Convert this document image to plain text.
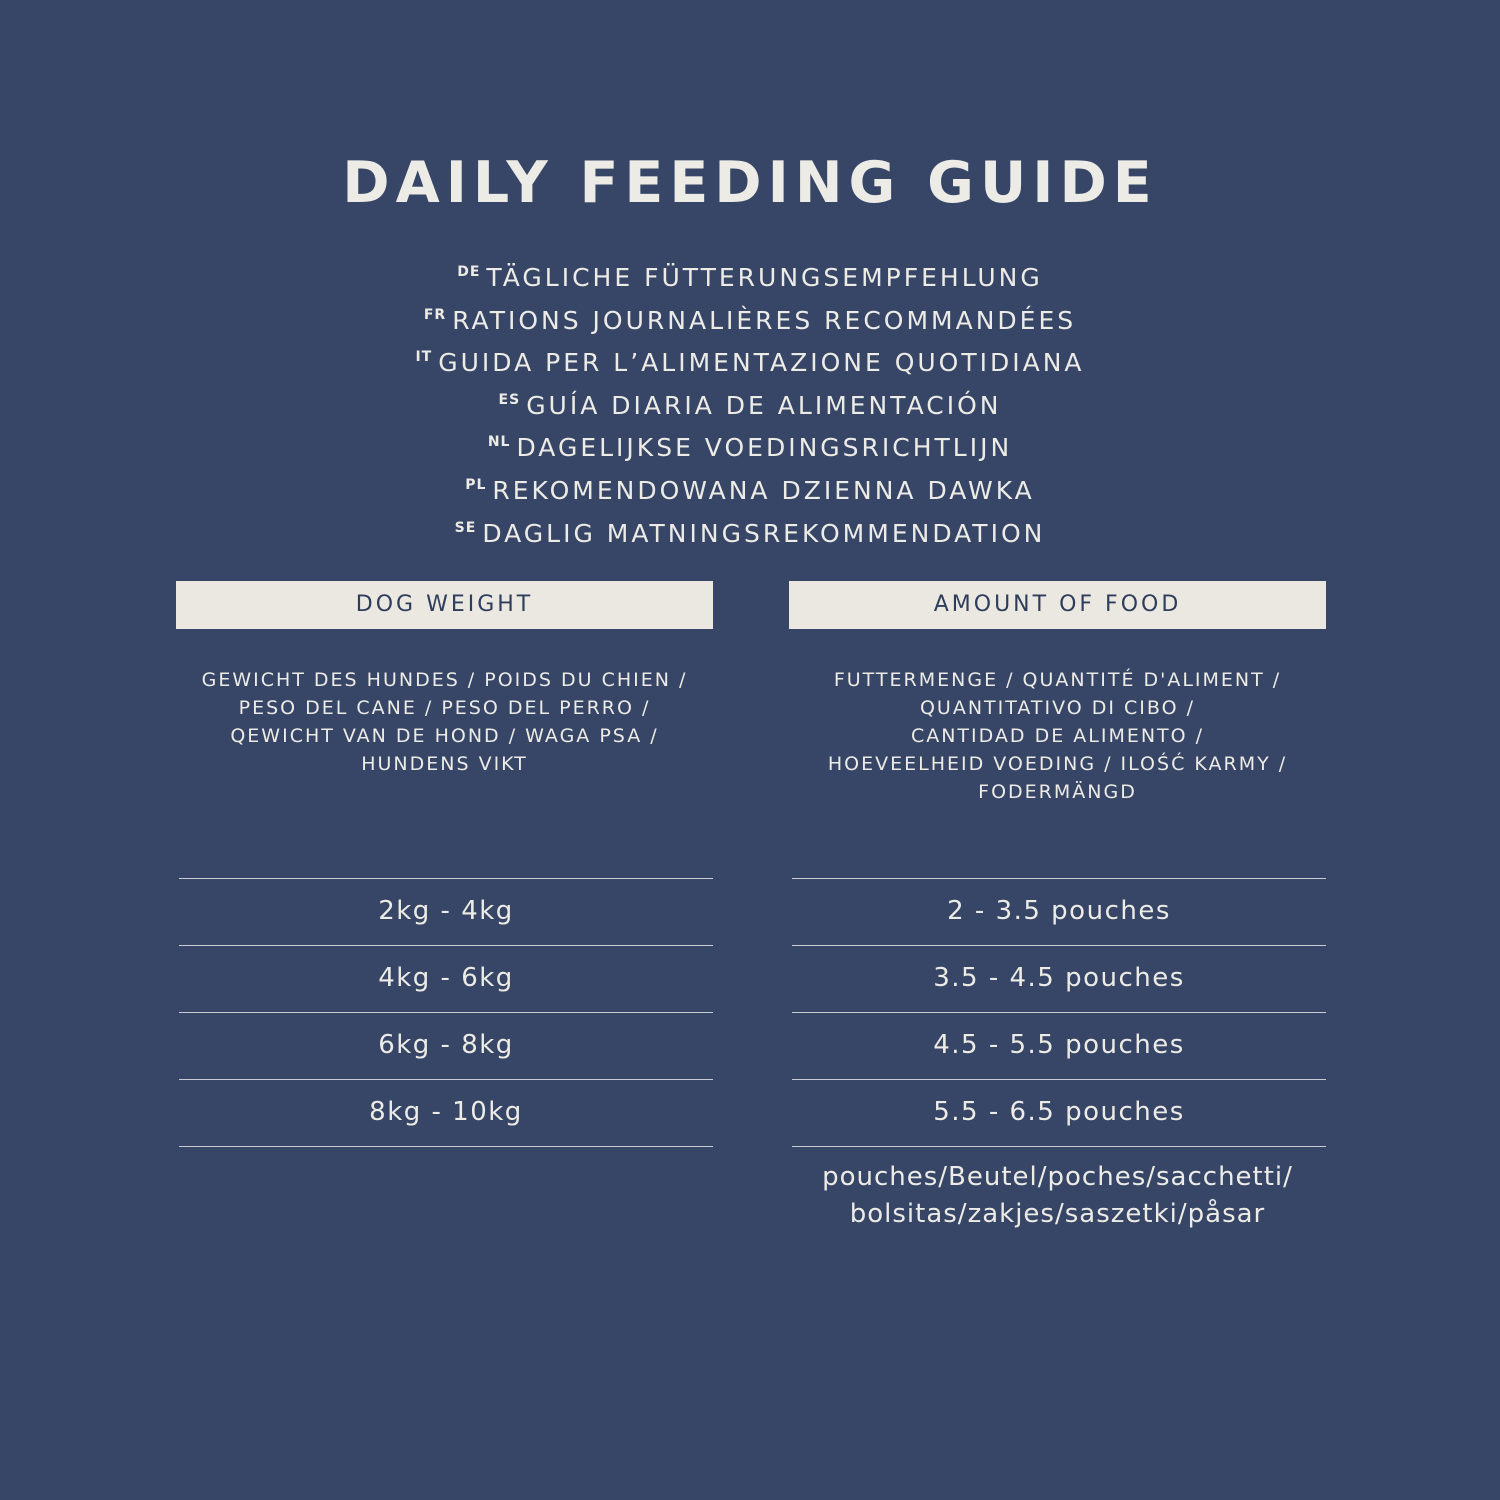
DAILY FEEDING GUIDE
$^{DE}$ TÄGLICHE FÜTTERUNGSEMPFEHLUNG
$^{FR}$ RATIONS JOURNALIÈRES RECOMMANDÉES
$^{IT}$ GUIDA PER L’ALIMENTAZIONE QUOTIDIANA
$^{ES}$ GUÍA DIARIA DE ALIMENTACIÓN
$^{NL}$ DAGELIJKSE VOEDINGSRICHTLIJN
$^{PL}$ REKOMENDOWANA DZIENNA DAWKA
$^{SE}$ DAGLIG MATNINGSREKOMMENDATION
DOG WEIGHT
GEWICHT DES HUNDES / POIDS DU CHIEN /
PESO DEL CANE / PESO DEL PERRO /
QEWICHT VAN DE HOND / WAGA PSA /
HUNDENS VIKT
2kg - 4kg
4kg - 6kg
6kg - 8kg
8kg - 10kg
AMOUNT OF FOOD
FUTTERMENGE / QUANTITÉ D'ALIMENT /
QUANTITATIVO DI CIBO /
CANTIDAD DE ALIMENTO /
HOEVEELHEID VOEDING / ILOŚĆ KARMY /
FODERMÄNGD
2 - 3.5 pouches
3.5 - 4.5 pouches
4.5 - 5.5 pouches
5.5 - 6.5 pouches
pouches/Beutel/poches/sacchetti/
bolsitas/zakjes/saszetki/påsar
